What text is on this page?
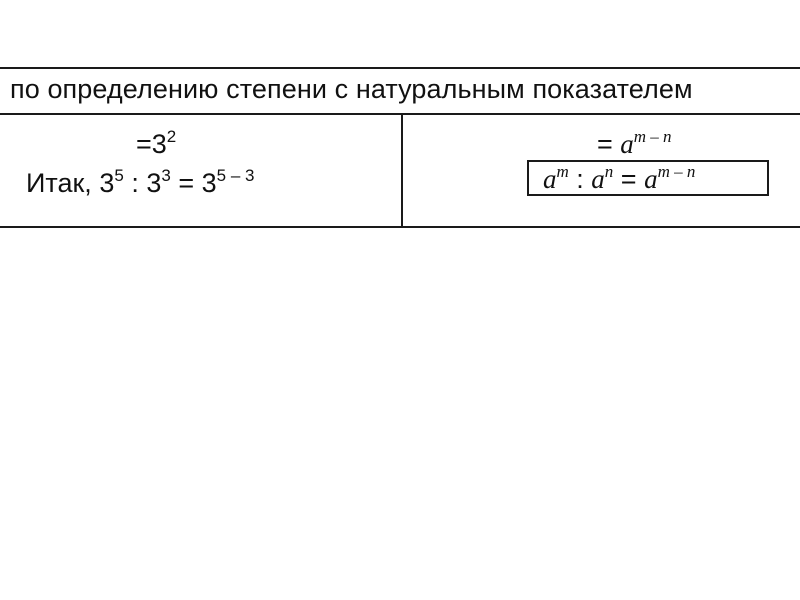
по определению степени с натуральным показателем
$=3^2$
Итак, $3^5$ : $3^3 = 3^{5 - 3}$
= $a^{m - n}$
$a^m$ : $a^n = a^{m - n}$
